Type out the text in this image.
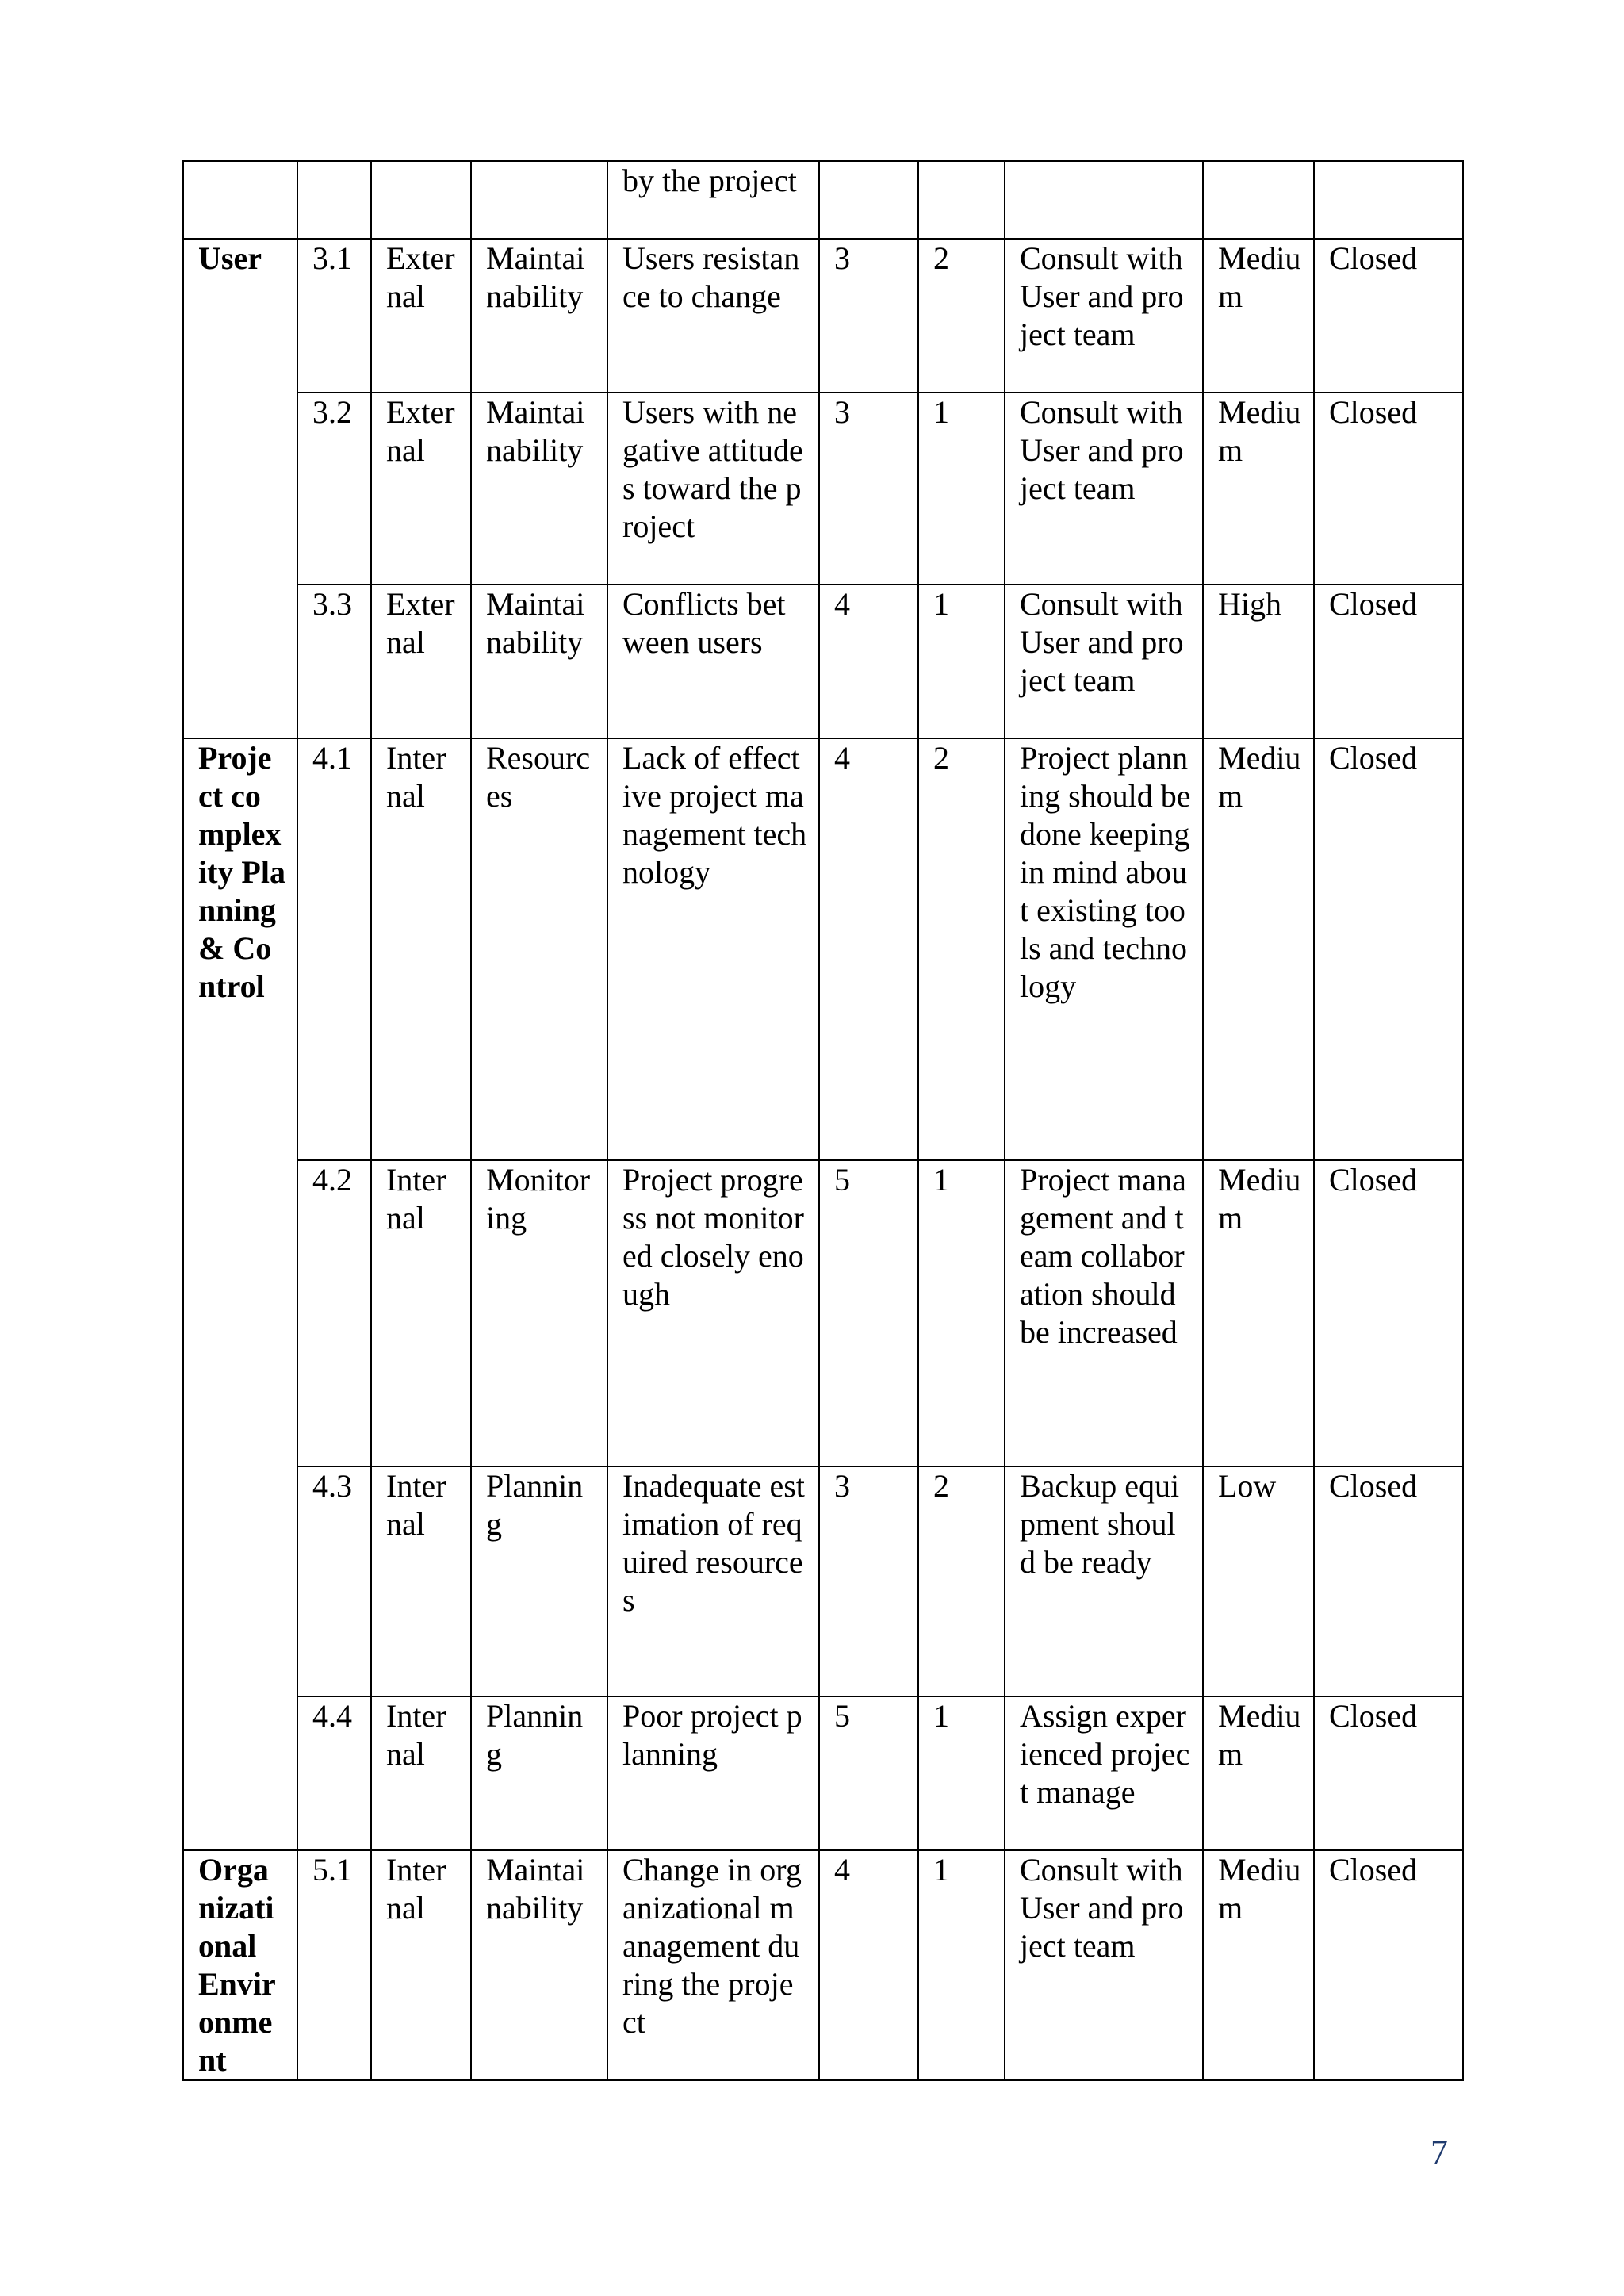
				by the project					
User	3.1	External	Maintainability	Users resistance to change	3	2	Consult with User and project team	Medium	Closed
	3.2	External	Maintainability	Users with negative attitudes toward the project	3	1	Consult with User and project team	Medium	Closed
	3.3	External	Maintainability	Conflicts between users	4	1	Consult with User and project team	High	Closed
Project complexity Planning & Control	4.1	Internal	Resources	Lack of effective project management technology	4	2	Project planning should be done keeping in mind about existing tools and technology	Medium	Closed
	4.2	Internal	Monitoring	Project progress not monitored closely enough	5	1	Project management and team collaboration should be increased	Medium	Closed
	4.3	Internal	Planning	Inadequate estimation of required resources	3	2	Backup equipment should be ready	Low	Closed
	4.4	Internal	Planning	Poor project planning	5	1	Assign experienced project manage	Medium	Closed
Organizational Environment	5.1	Internal	Maintainability	Change in organizational management during the project	4	1	Consult with User and project team	Medium	Closed
7
